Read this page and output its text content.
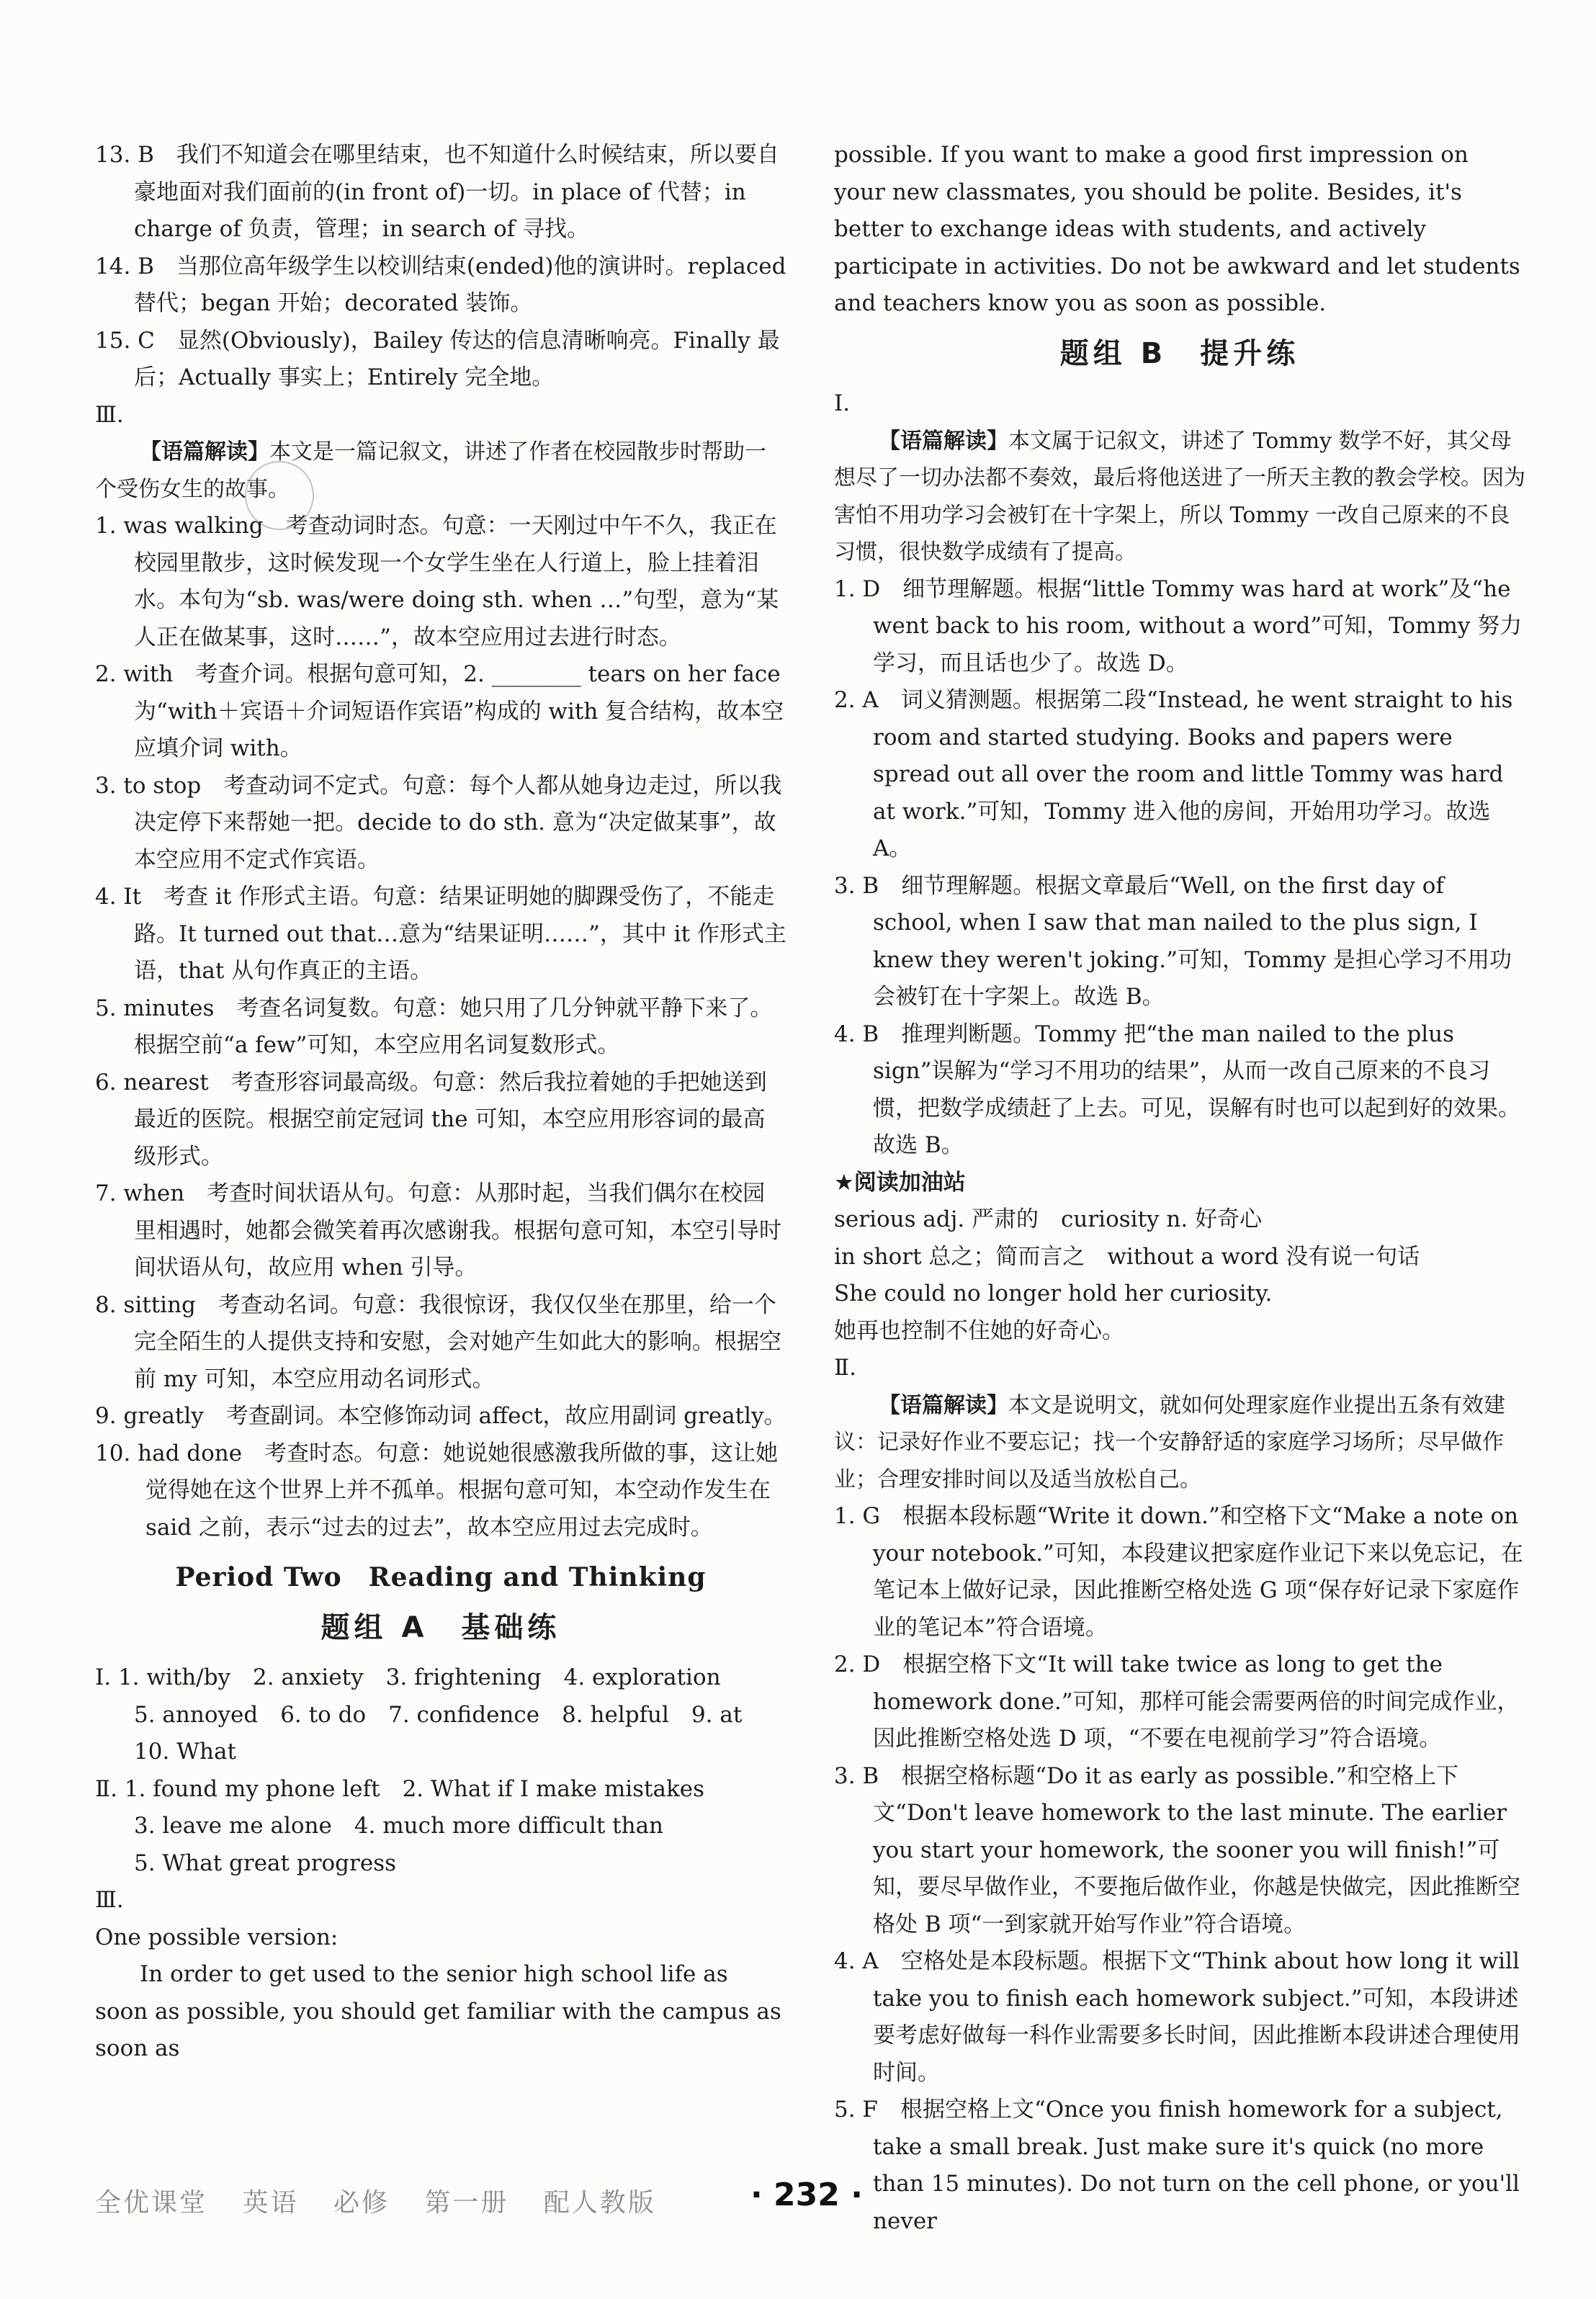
13. B　我们不知道会在哪里结束，也不知道什么时候结束，所以要自豪地面对我们面前的(in front of)一切。in place of 代替；in charge of 负责，管理；in search of 寻找。

14. B　当那位高年级学生以校训结束(ended)他的演讲时。replaced 替代；began 开始；decorated 装饰。

15. C　显然(Obviously)，Bailey 传达的信息清晰响亮。Finally 最后；Actually 事实上；Entirely 完全地。

Ⅲ.

【语篇解读】本文是一篇记叙文，讲述了作者在校园散步时帮助一个受伤女生的故事。

1. was walking　考查动词时态。句意：一天刚过中午不久，我正在校园里散步，这时候发现一个女学生坐在人行道上，脸上挂着泪水。本句为“sb. was/were doing sth. when …”句型，意为“某人正在做某事，这时……”，故本空应用过去进行时态。

2. with　考查介词。根据句意可知，2. ________ tears on her face 为“with＋宾语＋介词短语作宾语”构成的 with 复合结构，故本空应填介词 with。

3. to stop　考查动词不定式。句意：每个人都从她身边走过，所以我决定停下来帮她一把。decide to do sth. 意为“决定做某事”，故本空应用不定式作宾语。

4. It　考查 it 作形式主语。句意：结果证明她的脚踝受伤了，不能走路。It turned out that…意为“结果证明……”，其中 it 作形式主语，that 从句作真正的主语。

5. minutes　考查名词复数。句意：她只用了几分钟就平静下来了。根据空前“a few”可知，本空应用名词复数形式。

6. nearest　考查形容词最高级。句意：然后我拉着她的手把她送到最近的医院。根据空前定冠词 the 可知，本空应用形容词的最高级形式。

7. when　考查时间状语从句。句意：从那时起，当我们偶尔在校园里相遇时，她都会微笑着再次感谢我。根据句意可知，本空引导时间状语从句，故应用 when 引导。

8. sitting　考查动名词。句意：我很惊讶，我仅仅坐在那里，给一个完全陌生的人提供支持和安慰，会对她产生如此大的影响。根据空前 my 可知，本空应用动名词形式。

9. greatly　考查副词。本空修饰动词 affect，故应用副词 greatly。

10. had done　考查时态。句意：她说她很感激我所做的事，这让她觉得她在这个世界上并不孤单。根据句意可知，本空动作发生在 said 之前，表示“过去的过去”，故本空应用过去完成时。

Period Two　Reading and Thinking

题组 A　基础练

Ⅰ. 1. with/by　2. anxiety　3. frightening　4. exploration

5. annoyed　6. to do　7. confidence　8. helpful　9. at

10. What

Ⅱ. 1. found my phone left　2. What if I make mistakes

3. leave me alone　4. much more difficult than

5. What great progress

Ⅲ.

One possible version:

In order to get used to the senior high school life as soon as possible, you should get familiar with the campus as soon as

possible. If you want to make a good first impression on your new classmates, you should be polite. Besides, it's better to exchange ideas with students, and actively participate in activities. Do not be awkward and let students and teachers know you as soon as possible.

题组 B　提升练

Ⅰ.

【语篇解读】本文属于记叙文，讲述了 Tommy 数学不好，其父母想尽了一切办法都不奏效，最后将他送进了一所天主教的教会学校。因为害怕不用功学习会被钉在十字架上，所以 Tommy 一改自己原来的不良习惯，很快数学成绩有了提高。

1. D　细节理解题。根据“little Tommy was hard at work”及“he went back to his room, without a word”可知，Tommy 努力学习，而且话也少了。故选 D。

2. A　词义猜测题。根据第二段“Instead, he went straight to his room and started studying. Books and papers were spread out all over the room and little Tommy was hard at work.”可知，Tommy 进入他的房间，开始用功学习。故选 A。

3. B　细节理解题。根据文章最后“Well, on the first day of school, when I saw that man nailed to the plus sign, I knew they weren't joking.”可知，Tommy 是担心学习不用功会被钉在十字架上。故选 B。

4. B　推理判断题。Tommy 把“the man nailed to the plus sign”误解为“学习不用功的结果”，从而一改自己原来的不良习惯，把数学成绩赶了上去。可见，误解有时也可以起到好的效果。故选 B。

★阅读加油站

serious adj. 严肃的　curiosity n. 好奇心

in short 总之；简而言之　without a word 没有说一句话

She could no longer hold her curiosity.

她再也控制不住她的好奇心。

Ⅱ.

【语篇解读】本文是说明文，就如何处理家庭作业提出五条有效建议：记录好作业不要忘记；找一个安静舒适的家庭学习场所；尽早做作业；合理安排时间以及适当放松自己。

1. G　根据本段标题“Write it down.”和空格下文“Make a note on your notebook.”可知，本段建议把家庭作业记下来以免忘记，在笔记本上做好记录，因此推断空格处选 G 项“保存好记录下家庭作业的笔记本”符合语境。

2. D　根据空格下文“It will take twice as long to get the homework done.”可知，那样可能会需要两倍的时间完成作业，因此推断空格处选 D 项，“不要在电视前学习”符合语境。

3. B　根据空格标题“Do it as early as possible.”和空格上下文“Don't leave homework to the last minute. The earlier you start your homework, the sooner you will finish!”可知，要尽早做作业，不要拖后做作业，你越是快做完，因此推断空格处 B 项“一到家就开始写作业”符合语境。

4. A　空格处是本段标题。根据下文“Think about how long it will take you to finish each homework subject.”可知，本段讲述要考虑好做每一科作业需要多长时间，因此推断本段讲述合理使用时间。

5. F　根据空格上文“Once you finish homework for a subject, take a small break. Just make sure it's quick (no more than 15 minutes). Do not turn on the cell phone, or you'll never

全优课堂 英语 必修 第一册 配人教版	· 232 ·
